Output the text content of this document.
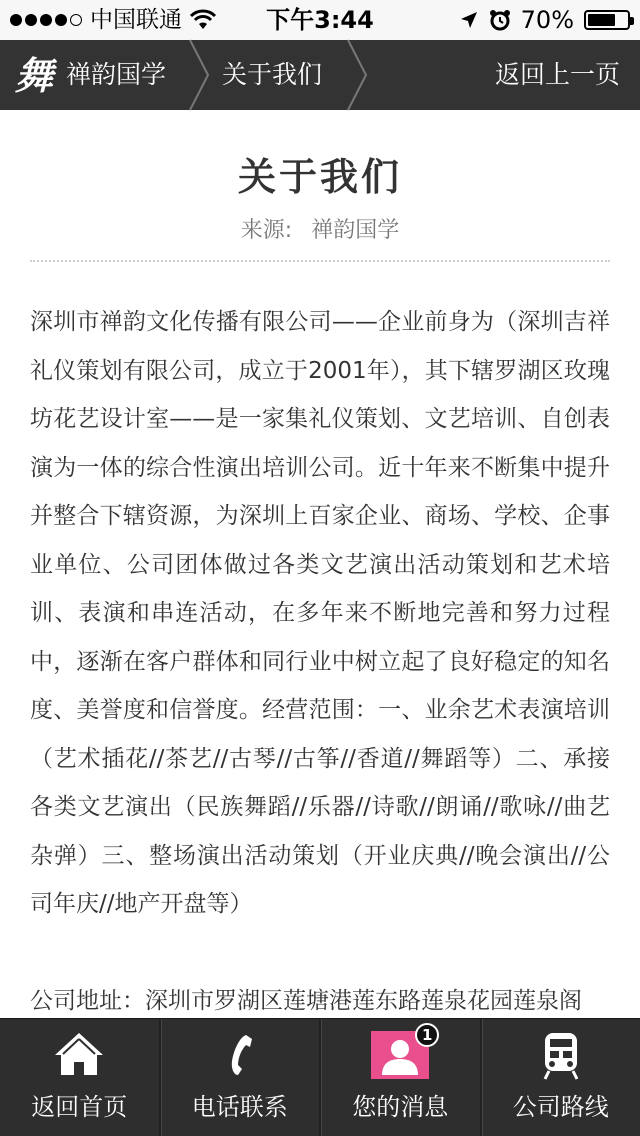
中国联通	下午3:44	70%
舞 禅韵国学 关于我们	返回上一页
关于我们
来源: 禅韵国学

深圳市禅韵文化传播有限公司——企业前身为（深圳吉祥礼仪策划有限公司，成立于2001年），其下辖罗湖区玫瑰坊花艺设计室——是一家集礼仪策划、文艺培训、自创表演为一体的综合性演出培训公司。近十年来不断集中提升并整合下辖资源，为深圳上百家企业、商场、学校、企事业单位、公司团体做过各类文艺演出活动策划和艺术培训、表演和串连活动，在多年来不断地完善和努力过程中，逐渐在客户群体和同行业中树立起了良好稳定的知名度、美誉度和信誉度。经营范围：一、业余艺术表演培训（艺术插花//茶艺//古琴//古筝//香道//舞蹈等）二、承接各类文艺演出（民族舞蹈//乐器//诗歌//朗诵//歌咏//曲艺杂弹）三、整场演出活动策划（开业庆典//晚会演出//公司年庆//地产开盘等）

公司地址：深圳市罗湖区莲塘港莲东路莲泉花园莲泉阁

返回首页	电话联系
1
您的消息	公司路线
